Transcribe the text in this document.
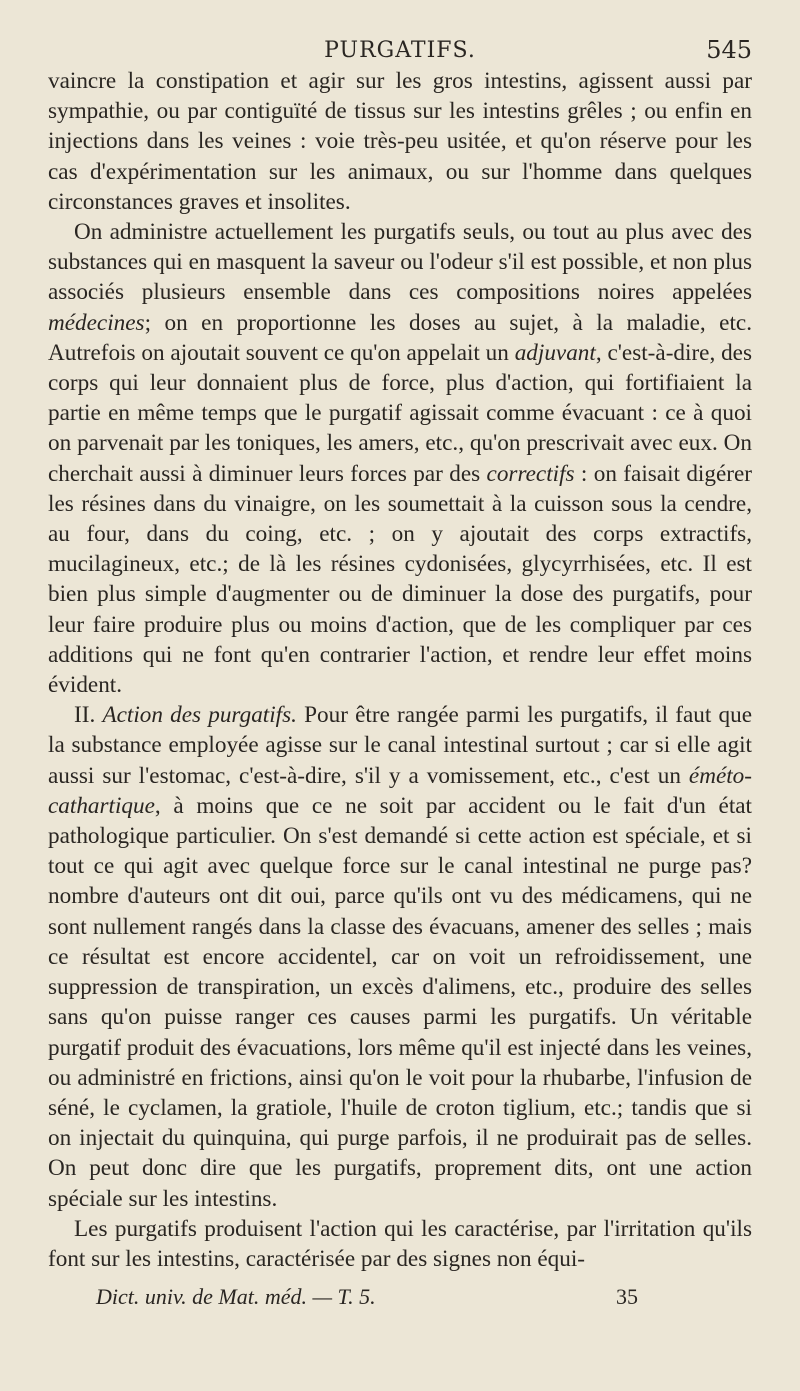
PURGATIFS.	545

vaincre la constipation et agir sur les gros intestins, agissent aussi par sympathie, ou par contiguïté de tissus sur les intestins grêles ; ou enfin en injections dans les veines : voie très-peu usitée, et qu'on réserve pour les cas d'expérimentation sur les animaux, ou sur l'homme dans quelques circonstances graves et insolites.

On administre actuellement les purgatifs seuls, ou tout au plus avec des substances qui en masquent la saveur ou l'odeur s'il est possible, et non plus associés plusieurs ensemble dans ces compositions noires appelées médecines; on en proportionne les doses au sujet, à la maladie, etc. Autrefois on ajoutait souvent ce qu'on appelait un adjuvant, c'est-à-dire, des corps qui leur donnaient plus de force, plus d'action, qui fortifiaient la partie en même temps que le purgatif agissait comme évacuant : ce à quoi on parvenait par les toniques, les amers, etc., qu'on prescrivait avec eux. On cherchait aussi à diminuer leurs forces par des correctifs : on faisait digérer les résines dans du vinaigre, on les soumettait à la cuisson sous la cendre, au four, dans du coing, etc. ; on y ajoutait des corps extractifs, mucilagineux, etc.; de là les résines cydonisées, glycyrrhisées, etc. Il est bien plus simple d'augmenter ou de diminuer la dose des purgatifs, pour leur faire produire plus ou moins d'action, que de les compliquer par ces additions qui ne font qu'en contrarier l'action, et rendre leur effet moins évident.

II. Action des purgatifs. Pour être rangée parmi les purgatifs, il faut que la substance employée agisse sur le canal intestinal surtout ; car si elle agit aussi sur l'estomac, c'est-à-dire, s'il y a vomissement, etc., c'est un éméto-cathartique, à moins que ce ne soit par accident ou le fait d'un état pathologique particulier. On s'est demandé si cette action est spéciale, et si tout ce qui agit avec quelque force sur le canal intestinal ne purge pas? nombre d'auteurs ont dit oui, parce qu'ils ont vu des médicamens, qui ne sont nullement rangés dans la classe des évacuans, amener des selles ; mais ce résultat est encore accidentel, car on voit un refroidissement, une suppression de transpiration, un excès d'alimens, etc., produire des selles sans qu'on puisse ranger ces causes parmi les purgatifs. Un véritable purgatif produit des évacuations, lors même qu'il est injecté dans les veines, ou administré en frictions, ainsi qu'on le voit pour la rhubarbe, l'infusion de séné, le cyclamen, la gratiole, l'huile de croton tiglium, etc.; tandis que si on injectait du quinquina, qui purge parfois, il ne produirait pas de selles. On peut donc dire que les purgatifs, proprement dits, ont une action spéciale sur les intestins.

Les purgatifs produisent l'action qui les caractérise, par l'irritation qu'ils font sur les intestins, caractérisée par des signes non équi-

Dict. univ. de Mat. méd. — T. 5.	35
